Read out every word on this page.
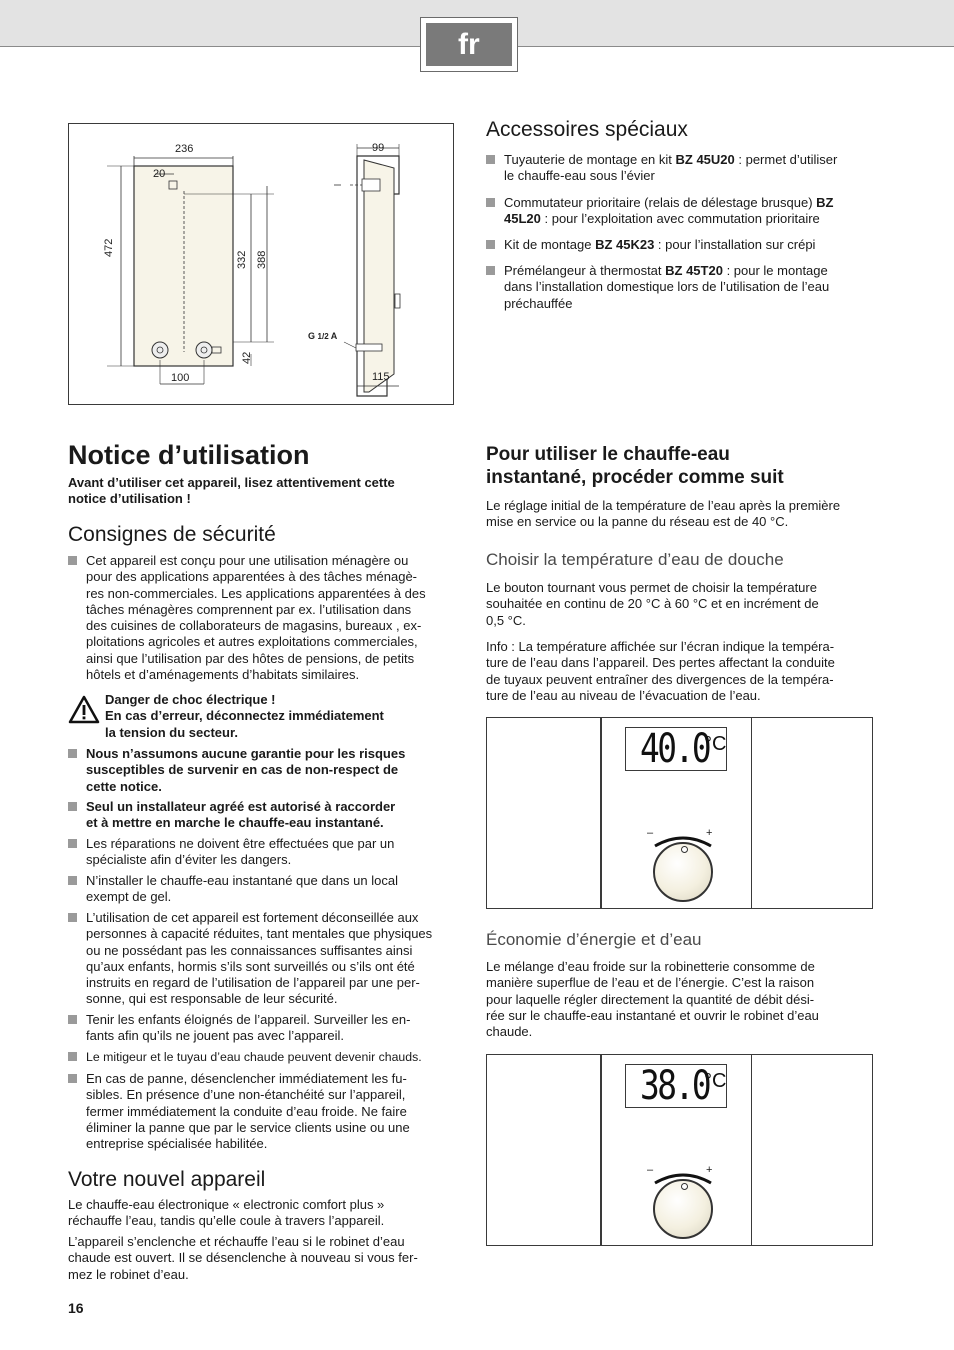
fr
236
20
472
332 388
42
100
99
115
G 1/2 A
Accessoires spéciaux
Tuyauterie de montage en kit BZ 45U20 : permet d’utiliser
le chauffe-eau sous l’évier
Commutateur prioritaire (relais de délestage brusque) BZ
45L20 : pour l’exploitation avec commutation prioritaire
Kit de montage BZ 45K23 : pour l’installation sur crépi
Prémélangeur à thermostat BZ 45T20 : pour le montage
dans l’installation domestique lors de l’utilisation de l’eau
préchauffée
Notice d’utilisation
Avant d’utiliser cet appareil, lisez attentivement cette
notice d’utilisation !
Consignes de sécurité
Cet appareil est conçu pour une utilisation ménagère ou
pour des applications apparentées à des tâches ménagè-
res non-commerciales. Les applications apparentées à des
tâches ménagères comprennent par ex. l’utilisation dans
des cuisines de collaborateurs de magasins, bureaux , ex-
ploitations agricoles et autres exploitations commerciales,
ainsi que l’utilisation par des hôtes de pensions, de petits
hôtels et d’aménagements d’habitats similaires.
Danger de choc électrique !
En cas d’erreur, déconnectez immédiatement
la tension du secteur.
Nous n’assumons aucune garantie pour les risques
susceptibles de survenir en cas de non-respect de
cette notice.
Seul un installateur agréé est autorisé à raccorder
et à mettre en marche le chauffe-eau instantané.
Les réparations ne doivent être effectuées que par un
spécialiste afin d’éviter les dangers.
N’installer le chauffe-eau instantané que dans un local
exempt de gel.
L’utilisation de cet appareil est fortement déconseillée aux
personnes à capacité réduites, tant mentales que physiques
ou ne possédant pas les connaissances suffisantes ainsi
qu’aux enfants, hormis s’ils sont surveillés ou s’ils ont été
instruits en regard de l’utilisation de l’appareil par une per-
sonne, qui est responsable de leur sécurité.
Tenir les enfants éloignés de l’appareil. Surveiller les en-
fants afin qu’ils ne jouent pas avec l’appareil.
Le mitigeur et le tuyau d’eau chaude peuvent devenir chauds.
En cas de panne, désenclencher immédiatement les fu-
sibles. En présence d’une non-étanchéité sur l’appareil,
fermer immédiatement la conduite d’eau froide. Ne faire
éliminer la panne que par le service clients usine ou une
entreprise spécialisée habilitée.
Votre nouvel appareil
Le chauffe-eau électronique « electronic comfort plus »
réchauffe l’eau, tandis qu’elle coule à travers l’appareil.
L’appareil s’enclenche et réchauffe l’eau si le robinet d’eau
chaude est ouvert. Il se désenclenche à nouveau si vous fer-
mez le robinet d’eau.
Pour utiliser le chauffe-eau
instantané, procéder comme suit
Le réglage initial de la température de l’eau après la première
mise en service ou la panne du réseau est de 40 °C.
Choisir la température d’eau de douche
Le bouton tournant vous permet de choisir la température
souhaitée en continu de 20 °C à 60 °C et en incrément de
0,5 °C.
Info : La température affichée sur l’écran indique la tempéra-
ture de l’eau dans l’appareil. Des pertes affectant la conduite
de tuyaux peuvent entraîner des divergences de la tempéra-
ture de l’eau au niveau de l’évacuation de l’eau.
40.0
°C
–	+
Économie d’énergie et d’eau
Le mélange d’eau froide sur la robinetterie consomme de
manière superflue de l’eau et de l’énergie. C’est la raison
pour laquelle régler directement la quantité de débit dési-
rée sur le chauffe-eau instantané et ouvrir le robinet d’eau
chaude.
38.0
°C
–	+
16
